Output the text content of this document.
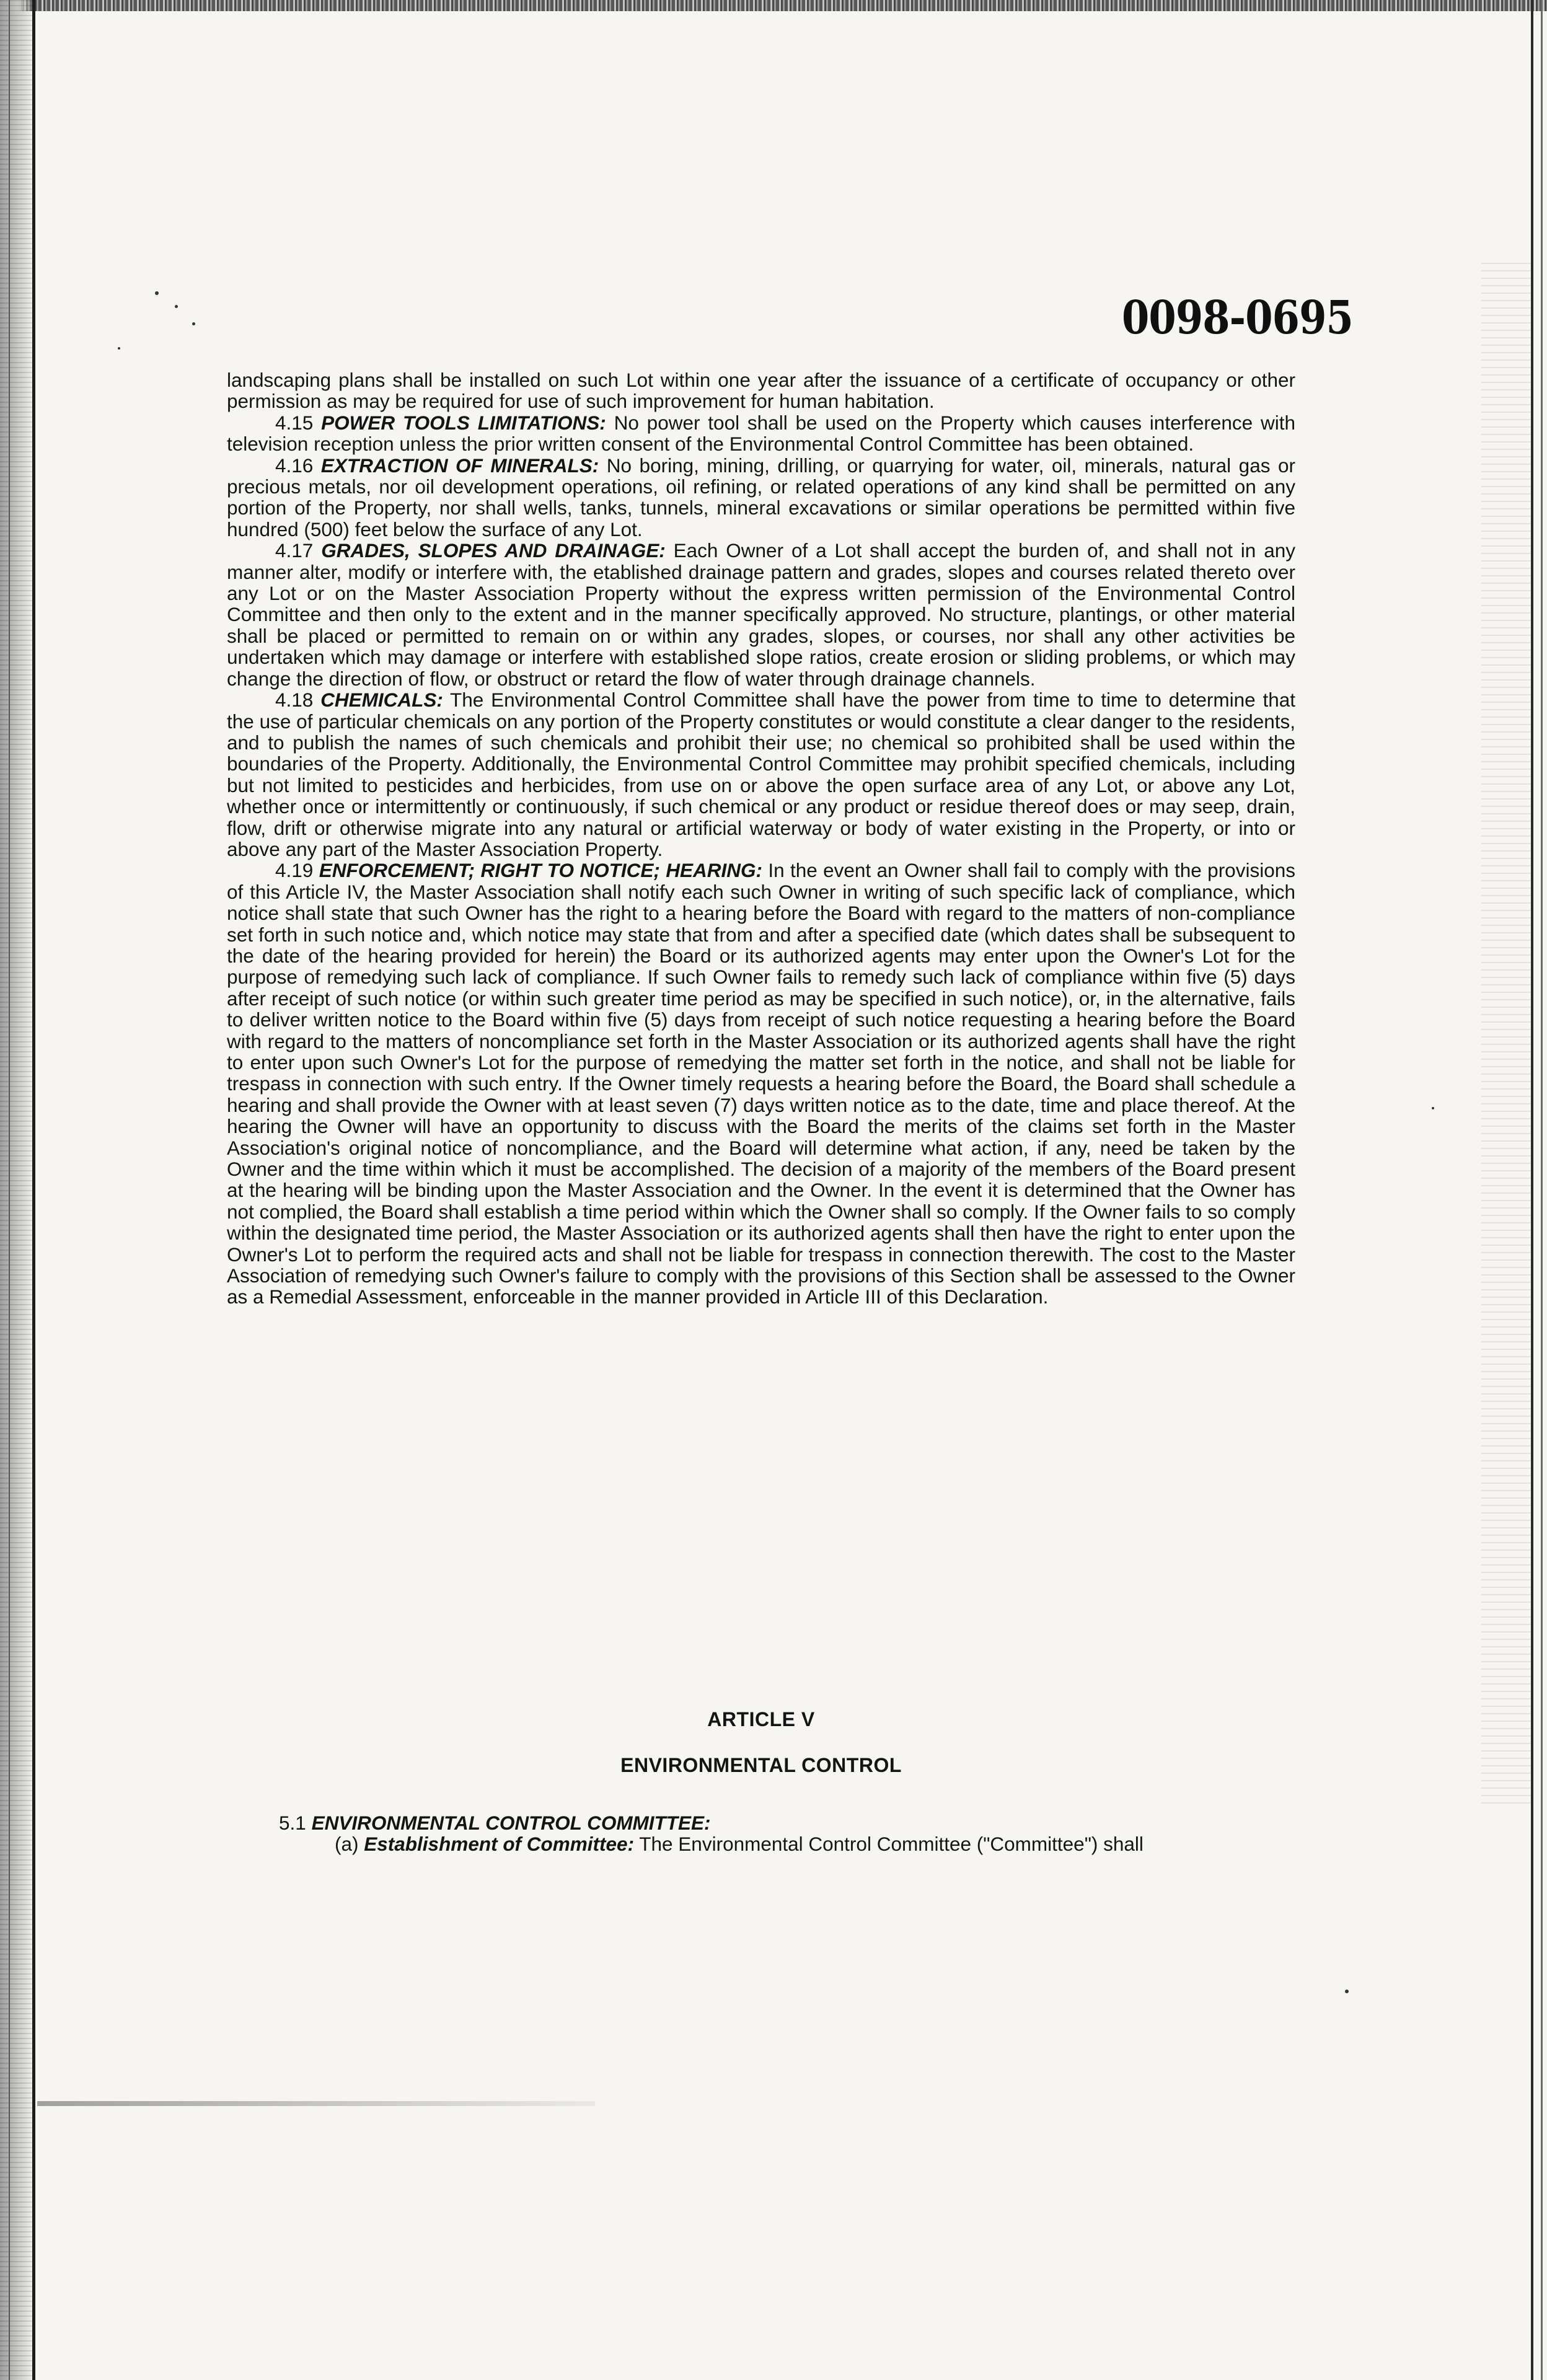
0098-0695

landscaping plans shall be installed on such Lot within one year after the issuance of a certificate of occupancy or other permission as may be required for use of such improvement for human habitation.

4.15 POWER TOOLS LIMITATIONS: No power tool shall be used on the Property which causes interference with television reception unless the prior written consent of the Environmental Control Committee has been obtained.

4.16 EXTRACTION OF MINERALS: No boring, mining, drilling, or quarrying for water, oil, minerals, natural gas or precious metals, nor oil development operations, oil refining, or related operations of any kind shall be permitted on any portion of the Property, nor shall wells, tanks, tunnels, mineral excavations or similar operations be permitted within five hundred (500) feet below the surface of any Lot.

4.17 GRADES, SLOPES AND DRAINAGE: Each Owner of a Lot shall accept the burden of, and shall not in any manner alter, modify or interfere with, the etablished drainage pattern and grades, slopes and courses related thereto over any Lot or on the Master Association Property without the express written permission of the Environmental Control Committee and then only to the extent and in the manner specifically approved. No structure, plantings, or other material shall be placed or permitted to remain on or within any grades, slopes, or courses, nor shall any other activities be undertaken which may damage or interfere with established slope ratios, create erosion or sliding problems, or which may change the direction of flow, or obstruct or retard the flow of water through drainage channels.

4.18 CHEMICALS: The Environmental Control Committee shall have the power from time to time to determine that the use of particular chemicals on any portion of the Property constitutes or would constitute a clear danger to the residents, and to publish the names of such chemicals and prohibit their use; no chemical so prohibited shall be used within the boundaries of the Property. Additionally, the Environmental Control Committee may prohibit specified chemicals, including but not limited to pesticides and herbicides, from use on or above the open surface area of any Lot, or above any Lot, whether once or intermittently or continuously, if such chemical or any product or residue thereof does or may seep, drain, flow, drift or otherwise migrate into any natural or artificial waterway or body of water existing in the Property, or into or above any part of the Master Association Property.

4.19 ENFORCEMENT; RIGHT TO NOTICE; HEARING: In the event an Owner shall fail to comply with the provisions of this Article IV, the Master Association shall notify each such Owner in writing of such specific lack of compliance, which notice shall state that such Owner has the right to a hearing before the Board with regard to the matters of non-compliance set forth in such notice and, which notice may state that from and after a specified date (which dates shall be subsequent to the date of the hearing provided for herein) the Board or its authorized agents may enter upon the Owner's Lot for the purpose of remedying such lack of compliance. If such Owner fails to remedy such lack of compliance within five (5) days after receipt of such notice (or within such greater time period as may be specified in such notice), or, in the alternative, fails to deliver written notice to the Board within five (5) days from receipt of such notice requesting a hearing before the Board with regard to the matters of noncompliance set forth in the Master Association or its authorized agents shall have the right to enter upon such Owner's Lot for the purpose of remedying the matter set forth in the notice, and shall not be liable for trespass in connection with such entry. If the Owner timely requests a hearing before the Board, the Board shall schedule a hearing and shall provide the Owner with at least seven (7) days written notice as to the date, time and place thereof. At the hearing the Owner will have an opportunity to discuss with the Board the merits of the claims set forth in the Master Association's original notice of noncompliance, and the Board will determine what action, if any, need be taken by the Owner and the time within which it must be accomplished. The decision of a majority of the members of the Board present at the hearing will be binding upon the Master Association and the Owner. In the event it is determined that the Owner has not complied, the Board shall establish a time period within which the Owner shall so comply. If the Owner fails to so comply within the designated time period, the Master Association or its authorized agents shall then have the right to enter upon the Owner's Lot to perform the required acts and shall not be liable for trespass in connection therewith. The cost to the Master Association of remedying such Owner's failure to comply with the provisions of this Section shall be assessed to the Owner as a Remedial Assessment, enforceable in the manner provided in Article III of this Declaration.

ARTICLE V
ENVIRONMENTAL CONTROL
5.1 ENVIRONMENTAL CONTROL COMMITTEE:
(a) Establishment of Committee: The Environmental Control Committee ("Committee") shall
